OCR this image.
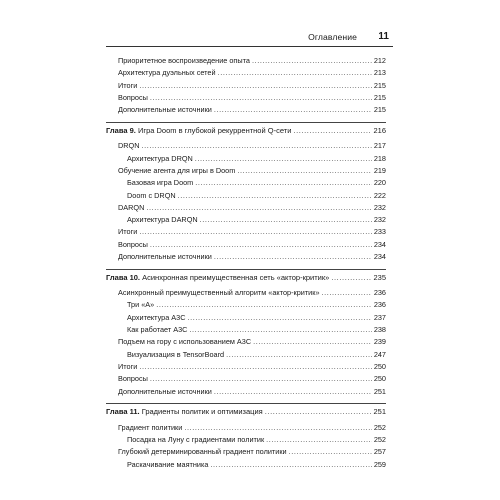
Оглавление 11
Приоритетное воспроизведение опыта .....	212
Архитектура дуэльных сетей .....	213
Итоги .....	215
Вопросы .....	215
Дополнительные источники .....	215
Глава 9. Игра Doom в глубокой рекуррентной Q-сети .....	216
DRQN .....	217
Архитектура DRQN .....	218
Обучение агента для игры в Doom .....	219
Базовая игра Doom .....	220
Doom с DRQN .....	222
DARQN .....	232
Архитектура DARQN .....	232
Итоги .....	233
Вопросы .....	234
Дополнительные источники .....	234
Глава 10. Асинхронная преимущественная сеть «актор-критик» .....	235
Асинхронный преимущественный алгоритм «актор-критик» .....	236
Три «А» .....	236
Архитектура A3C .....	237
Как работает A3C .....	238
Подъем на гору с использованием A3C .....	239
Визуализация в TensorBoard .....	247
Итоги .....	250
Вопросы .....	250
Дополнительные источники .....	251
Глава 11. Градиенты политик и оптимизация .....	251
Градиент политики .....	252
Посадка на Луну с градиентами политик .....	252
Глубокий детерминированный градиент политики .....	257
Раскачивание маятника .....	259
